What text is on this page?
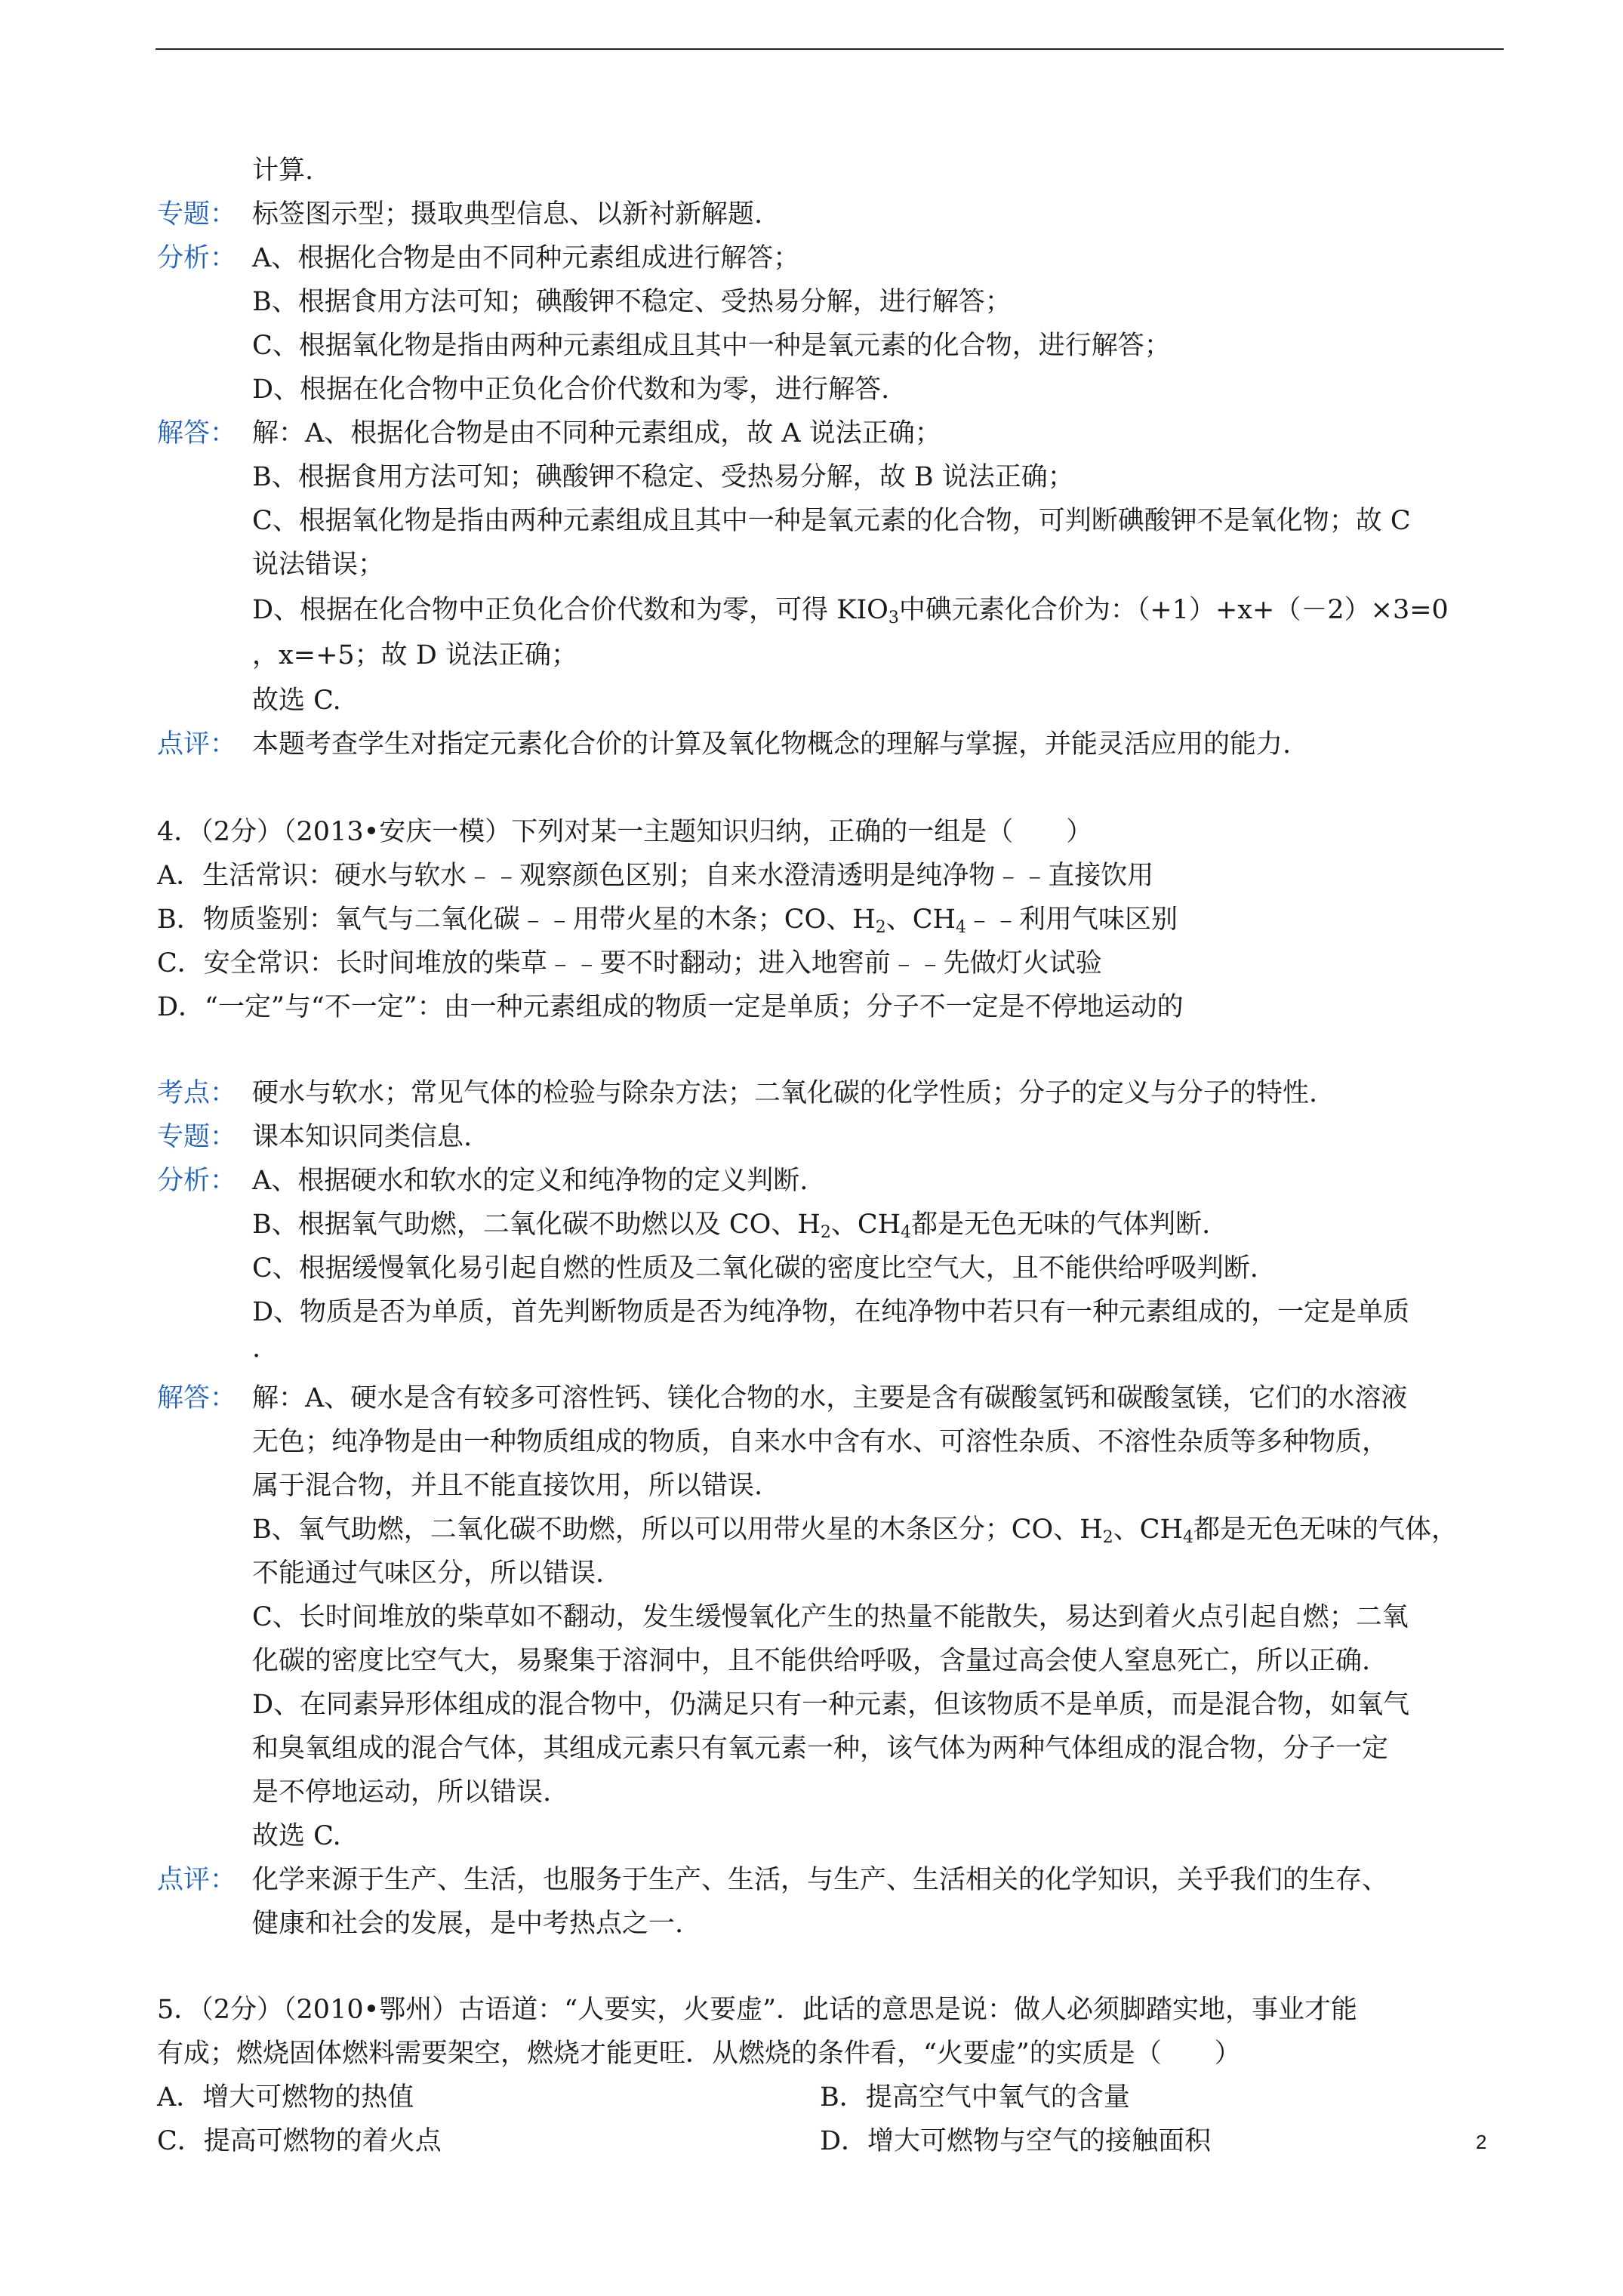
计算.
专题： 标签图示型；摄取典型信息、以新衬新解题.
分析： A、根据化合物是由不同种元素组成进行解答；
B、根据食用方法可知；碘酸钾不稳定、受热易分解，进行解答；
C、根据氧化物是指由两种元素组成且其中一种是氧元素的化合物，进行解答；
D、根据在化合物中正负化合价代数和为零，进行解答.
解答： 解：A、根据化合物是由不同种元素组成，故 A 说法正确；
B、根据食用方法可知；碘酸钾不稳定、受热易分解，故 B 说法正确；
C、根据氧化物是指由两种元素组成且其中一种是氧元素的化合物，可判断碘酸钾不是氧化物；故 C
说法错误；
D、根据在化合物中正负化合价代数和为零，可得 $KIO_3$中碘元素化合价为：（+1）+x+（－2）×3=0
，x=+5；故 D 说法正确；
故选 C.
点评： 本题考查学生对指定元素化合价的计算及氧化物概念的理解与掌握，并能灵活应用的能力.
4．（2分）（2013•安庆一模）下列对某一主题知识归纳，正确的一组是（　　）
A．生活常识：硬水与软水﹣﹣观察颜色区别；自来水澄清透明是纯净物﹣﹣直接饮用
B．物质鉴别：氧气与二氧化碳﹣﹣用带火星的木条；CO、$H_2$、$CH_4﹣﹣$利用气味区别
C．安全常识：长时间堆放的柴草﹣﹣要不时翻动；进入地窖前﹣﹣先做灯火试验
D．“一定”与“不一定”：由一种元素组成的物质一定是单质；分子不一定是不停地运动的
考点： 硬水与软水；常见气体的检验与除杂方法；二氧化碳的化学性质；分子的定义与分子的特性.
专题： 课本知识同类信息.
分析： A、根据硬水和软水的定义和纯净物的定义判断.
B、根据氧气助燃，二氧化碳不助燃以及 CO、$H_2$、$CH_4$都是无色无味的气体判断.
C、根据缓慢氧化易引起自燃的性质及二氧化碳的密度比空气大，且不能供给呼吸判断.
D、物质是否为单质，首先判断物质是否为纯净物，在纯净物中若只有一种元素组成的，一定是单质
.
解答： 解：A、硬水是含有较多可溶性钙、镁化合物的水，主要是含有碳酸氢钙和碳酸氢镁，它们的水溶液
无色；纯净物是由一种物质组成的物质，自来水中含有水、可溶性杂质、不溶性杂质等多种物质，
属于混合物，并且不能直接饮用，所以错误.
B、氧气助燃，二氧化碳不助燃，所以可以用带火星的木条区分；CO、$H_2$、$CH_4$都是无色无味的气体，
不能通过气味区分，所以错误.
C、长时间堆放的柴草如不翻动，发生缓慢氧化产生的热量不能散失，易达到着火点引起自燃；二氧
化碳的密度比空气大，易聚集于溶洞中，且不能供给呼吸，含量过高会使人窒息死亡，所以正确.
D、在同素异形体组成的混合物中，仍满足只有一种元素，但该物质不是单质，而是混合物，如氧气
和臭氧组成的混合气体，其组成元素只有氧元素一种，该气体为两种气体组成的混合物，分子一定
是不停地运动，所以错误.
故选 C.
点评： 化学来源于生产、生活，也服务于生产、生活，与生产、生活相关的化学知识，关乎我们的生存、
健康和社会的发展，是中考热点之一.
5．（2分）（2010•鄂州）古语道：“人要实，火要虚”．此话的意思是说：做人必须脚踏实地，事业才能
有成；燃烧固体燃料需要架空，燃烧才能更旺．从燃烧的条件看，“火要虚”的实质是（　　）
A．增大可燃物的热值	B．提高空气中氧气的含量
C．提高可燃物的着火点	D．增大可燃物与空气的接触面积	2
